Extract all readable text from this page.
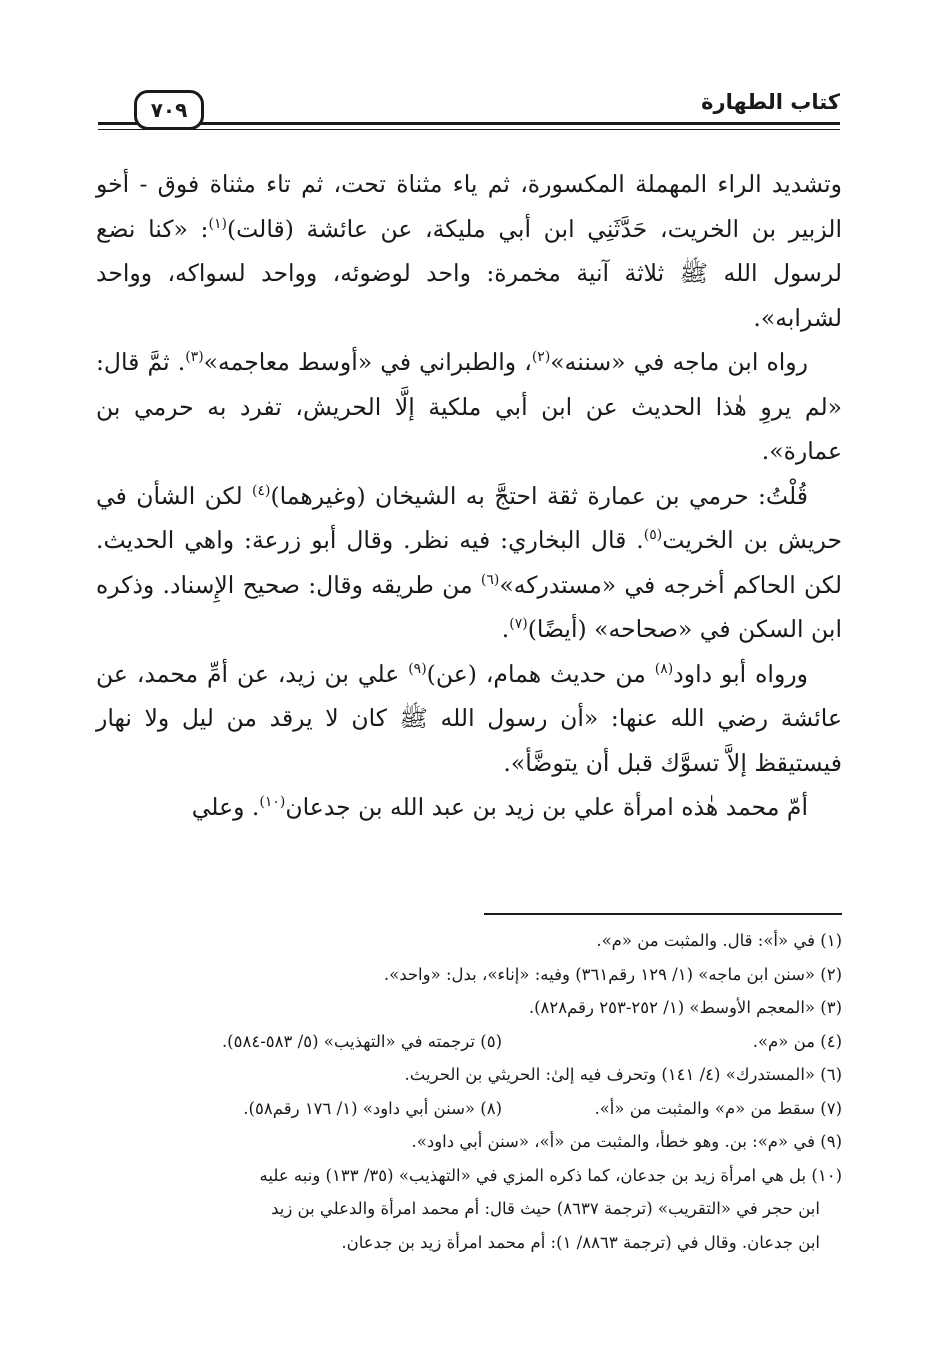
كتاب الطهارة
٧٠٩

وتشديد الراء المهملة المكسورة، ثم ياء مثناة تحت، ثم تاء مثناة فوق - أخو الزبير بن الخريت، حَدَّثَنِي ابن أبي مليكة، عن عائشة (قالت)$^{(١)}$: «كنا نضع لرسول الله ﷺ ثلاثة آنية مخمرة: واحد لوضوئه، وواحد لسواكه، وواحد لشرابه».

رواه ابن ماجه في «سننه»$^{(٢)}$، والطبراني في «أوسط معاجمه»$^{(٣)}$. ثمَّ قال: «لم يروِ هٰذا الحديث عن ابن أبي ملكية إلَّا الحريش، تفرد به حرمي بن عمارة».

قُلْتُ: حرمي بن عمارة ثقة احتجَّ به الشيخان (وغيرهما)$^{(٤)}$ لكن الشأن في حريش بن الخريت$^{(٥)}$. قال البخاري: فيه نظر. وقال أبو زرعة: واهي الحديث. لكن الحاكم أخرجه في «مستدركه»$^{(٦)}$ من طريقه وقال: صحيح الإِسناد. وذكره ابن السكن في «صحاحه» (أيضًا)$^{(٧)}$.

ورواه أبو داود$^{(٨)}$ من حديث همام، (عن)$^{(٩)}$ علي بن زيد، عن أمِّ محمد، عن عائشة رضي الله عنها: «أن رسول الله ﷺ كان لا يرقد من ليل ولا نهار فيستيقظ إلاَّ تسوَّك قبل أن يتوضَّأ».

أمّ محمد هٰذه امرأة علي بن زيد بن عبد الله بن جدعان$^{(١٠)}$. وعلي

(١) في «أ»: قال. والمثبت من «م».
(٢) «سنن ابن ماجه» (١/ ١٢٩ رقم٣٦١) وفيه: «إناء»، بدل: «واحد».
(٣) «المعجم الأوسط» (١/ ٢٥٢-٢٥٣ رقم٨٢٨).
(٤) من «م».
(٥) ترجمته في «التهذيب» (٥/ ٥٨٣-٥٨٤).
(٦) «المستدرك» (٤/ ١٤١) وتحرف فيه إلىٰ: الحريثي بن الحريث.
(٧) سقط من «م» والمثبت من «أ».
(٨) «سنن أبي داود» (١/ ١٧٦ رقم٥٨).
(٩) في «م»: بن. وهو خطأ، والمثبت من «أ»، «سنن أبي داود».
(١٠) بل هي امرأة زيد بن جدعان، كما ذكره المزي في «التهذيب» (٣٥/ ١٣٣) ونبه عليه
ابن حجر في «التقريب» (ترجمة ٨٦٣٧) حيث قال: أم محمد امرأة والدعلي بن زيد
ابن جدعان. وقال في (ترجمة ٨٨٦٣/ ١): أم محمد امرأة زيد بن جدعان.
